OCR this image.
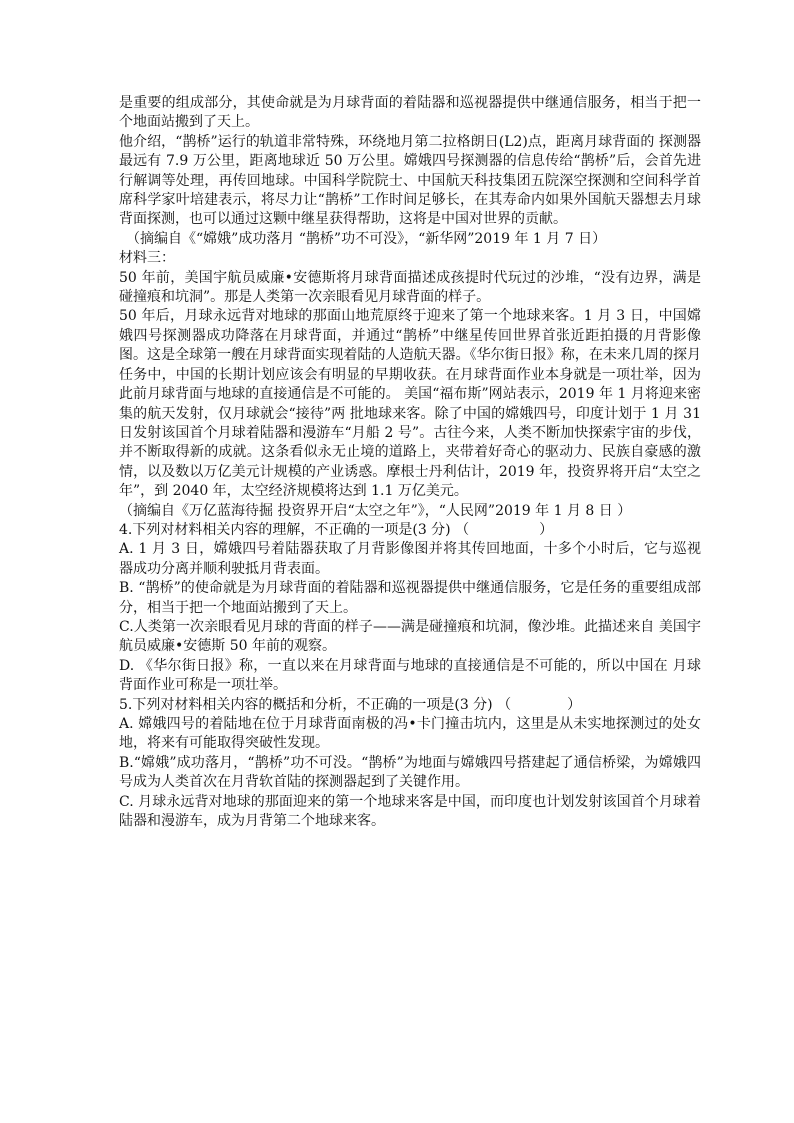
是重要的组成部分，其使命就是为月球背面的着陆器和巡视器提供中继通信服务，相当于把一个地面站搬到了天上。

他介绍，“鹊桥”运行的轨道非常特殊，环绕地月第二拉格朗日(L2)点，距离月球背面的 探测器最远有 7.9 万公里，距离地球近 50 万公里。嫦娥四号探测器的信息传给“鹊桥”后，会首先进行解调等处理，再传回地球。中国科学院院士、中国航天科技集团五院深空探测和空间科学首席科学家叶培建表示，将尽力让“鹊桥”工作时间足够长，在其寿命内如果外国航天器想去月球背面探测，也可以通过这颗中继星获得帮助，这将是中国对世界的贡献。

（摘编自《“嫦娥”成功落月 “鹊桥”功不可没》，“新华网”2019 年 1 月 7 日）

材料三：

50 年前，美国宇航员威廉•安德斯将月球背面描述成孩提时代玩过的沙堆，“没有边界，满是碰撞痕和坑洞”。那是人类第一次亲眼看见月球背面的样子。

50 年后，月球永远背对地球的那面山地荒原终于迎来了第一个地球来客。1 月 3 日，中国嫦娥四号探测器成功降落在月球背面，并通过“鹊桥”中继星传回世界首张近距拍摄的月背影像图。这是全球第一艘在月球背面实现着陆的人造航天器。《华尔街日报》称，在未来几周的探月任务中，中国的长期计划应该会有明显的早期收获。在月球背面作业本身就是一项壮举，因为此前月球背面与地球的直接通信是不可能的。 美国“福布斯”网站表示，2019 年 1 月将迎来密集的航天发射，仅月球就会“接待”两 批地球来客。除了中国的嫦娥四号，印度计划于 1 月 31 日发射该国首个月球着陆器和漫游车“月船 2 号”。古往今来，人类不断加快探索宇宙的步伐，并不断取得新的成就。这条看似永无止境的道路上，夹带着好奇心的驱动力、民族自豪感的激情，以及数以万亿美元计规模的产业诱惑。摩根士丹利估计，2019 年，投资界将开启“太空之年”，到 2040 年，太空经济规模将达到 1.1 万亿美元。

（摘编自《万亿蓝海待掘 投资界开启“太空之年”》，“人民网”2019 年 1 月 8 日 ）

4.下列对材料相关内容的理解，不正确的一项是(3 分) （　　　　　）

A. 1 月 3 日，嫦娥四号着陆器获取了月背影像图并将其传回地面，十多个小时后，它与巡视器成功分离并顺利驶抵月背表面。

B. “鹊桥”的使命就是为月球背面的着陆器和巡视器提供中继通信服务，它是任务的重要组成部分，相当于把一个地面站搬到了天上。

C.人类第一次亲眼看见月球的背面的样子——满是碰撞痕和坑洞，像沙堆。此描述来自 美国宇航员威廉•安德斯 50 年前的观察。

D. 《华尔街日报》称，一直以来在月球背面与地球的直接通信是不可能的，所以中国在 月球背面作业可称是一项壮举。

5.下列对材料相关内容的概括和分析，不正确的一项是(3 分) （　　　　）

A. 嫦娥四号的着陆地在位于月球背面南极的冯•卡门撞击坑内，这里是从未实地探测过的处女地，将来有可能取得突破性发现。

B.“嫦娥”成功落月，“鹊桥”功不可没。“鹊桥”为地面与嫦娥四号搭建起了通信桥梁，为嫦娥四号成为人类首次在月背软首陆的探测器起到了关键作用。

C. 月球永远背对地球的那面迎来的第一个地球来客是中国，而印度也计划发射该国首个月球着陆器和漫游车，成为月背第二个地球来客。
